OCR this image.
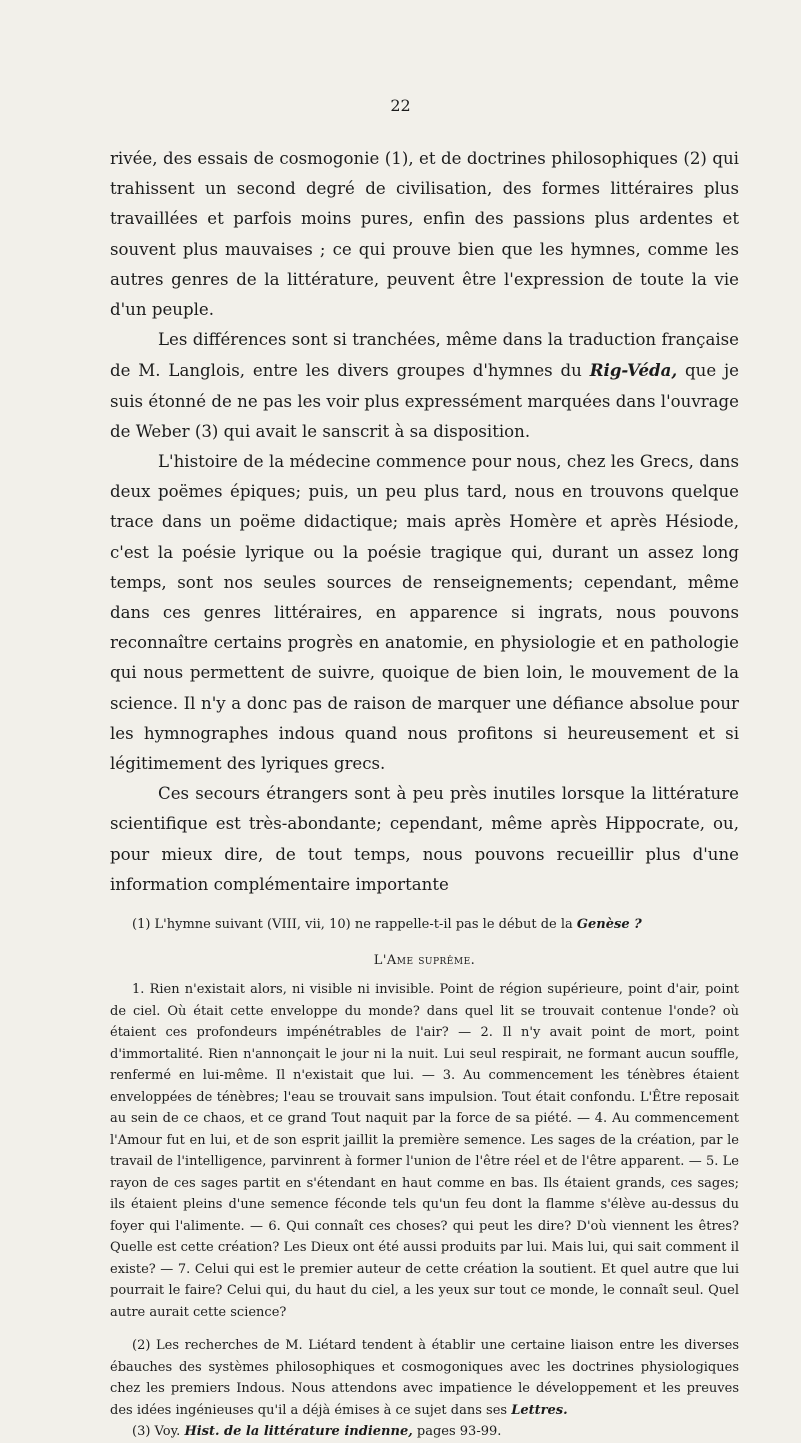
22

rivée, des essais de cosmogonie (1), et de doctrines philosophiques (2) qui trahissent un second degré de civilisation, des formes littéraires plus travaillées et parfois moins pures, enfin des passions plus ardentes et souvent plus mauvaises ; ce qui prouve bien que les hymnes, comme les autres genres de la littérature, peuvent être l'expression de toute la vie d'un peuple.

Les différences sont si tranchées, même dans la traduction française de M. Langlois, entre les divers groupes d'hymnes du Rig-Véda, que je suis étonné de ne pas les voir plus expressément marquées dans l'ouvrage de Weber (3) qui avait le sanscrit à sa disposition.

L'histoire de la médecine commence pour nous, chez les Grecs, dans deux poëmes épiques; puis, un peu plus tard, nous en trouvons quelque trace dans un poëme didactique; mais après Homère et après Hésiode, c'est la poésie lyrique ou la poésie tragique qui, durant un assez long temps, sont nos seules sources de renseignements; cependant, même dans ces genres littéraires, en apparence si ingrats, nous pouvons reconnaître certains progrès en anatomie, en physiologie et en pathologie qui nous permettent de suivre, quoique de bien loin, le mouvement de la science. Il n'y a donc pas de raison de marquer une défiance absolue pour les hymnographes indous quand nous profitons si heureusement et si légitimement des lyriques grecs.

Ces secours étrangers sont à peu près inutiles lorsque la littérature scientifique est très-abondante; cependant, même après Hippocrate, ou, pour mieux dire, de tout temps, nous pouvons recueillir plus d'une information complémentaire importante

(1) L'hymne suivant (VIII, vii, 10) ne rappelle-t-il pas le début de la Genèse ?

L'Ame suprême.

1. Rien n'existait alors, ni visible ni invisible. Point de région supérieure, point d'air, point de ciel. Où était cette enveloppe du monde? dans quel lit se trouvait contenue l'onde? où étaient ces profondeurs impénétrables de l'air? — 2. Il n'y avait point de mort, point d'immortalité. Rien n'annonçait le jour ni la nuit. Lui seul respirait, ne formant aucun souffle, renfermé en lui-même. Il n'existait que lui. — 3. Au commencement les ténèbres étaient enveloppées de ténèbres; l'eau se trouvait sans impulsion. Tout était confondu. L'Être reposait au sein de ce chaos, et ce grand Tout naquit par la force de sa piété. — 4. Au commencement l'Amour fut en lui, et de son esprit jaillit la première semence. Les sages de la création, par le travail de l'intelligence, parvinrent à former l'union de l'être réel et de l'être apparent. — 5. Le rayon de ces sages partit en s'étendant en haut comme en bas. Ils étaient grands, ces sages; ils étaient pleins d'une semence féconde tels qu'un feu dont la flamme s'élève au-dessus du foyer qui l'alimente. — 6. Qui connaît ces choses? qui peut les dire? D'où viennent les êtres? Quelle est cette création? Les Dieux ont été aussi produits par lui. Mais lui, qui sait comment il existe? — 7. Celui qui est le premier auteur de cette création la soutient. Et quel autre que lui pourrait le faire? Celui qui, du haut du ciel, a les yeux sur tout ce monde, le connaît seul. Quel autre aurait cette science?

(2) Les recherches de M. Liétard tendent à établir une certaine liaison entre les diverses ébauches des systèmes philosophiques et cosmogoniques avec les doctrines physiologiques chez les premiers Indous. Nous attendons avec impatience le développement et les preuves des idées ingénieuses qu'il a déjà émises à ce sujet dans ses Lettres.

(3) Voy. Hist. de la littérature indienne, pages 93-99.
